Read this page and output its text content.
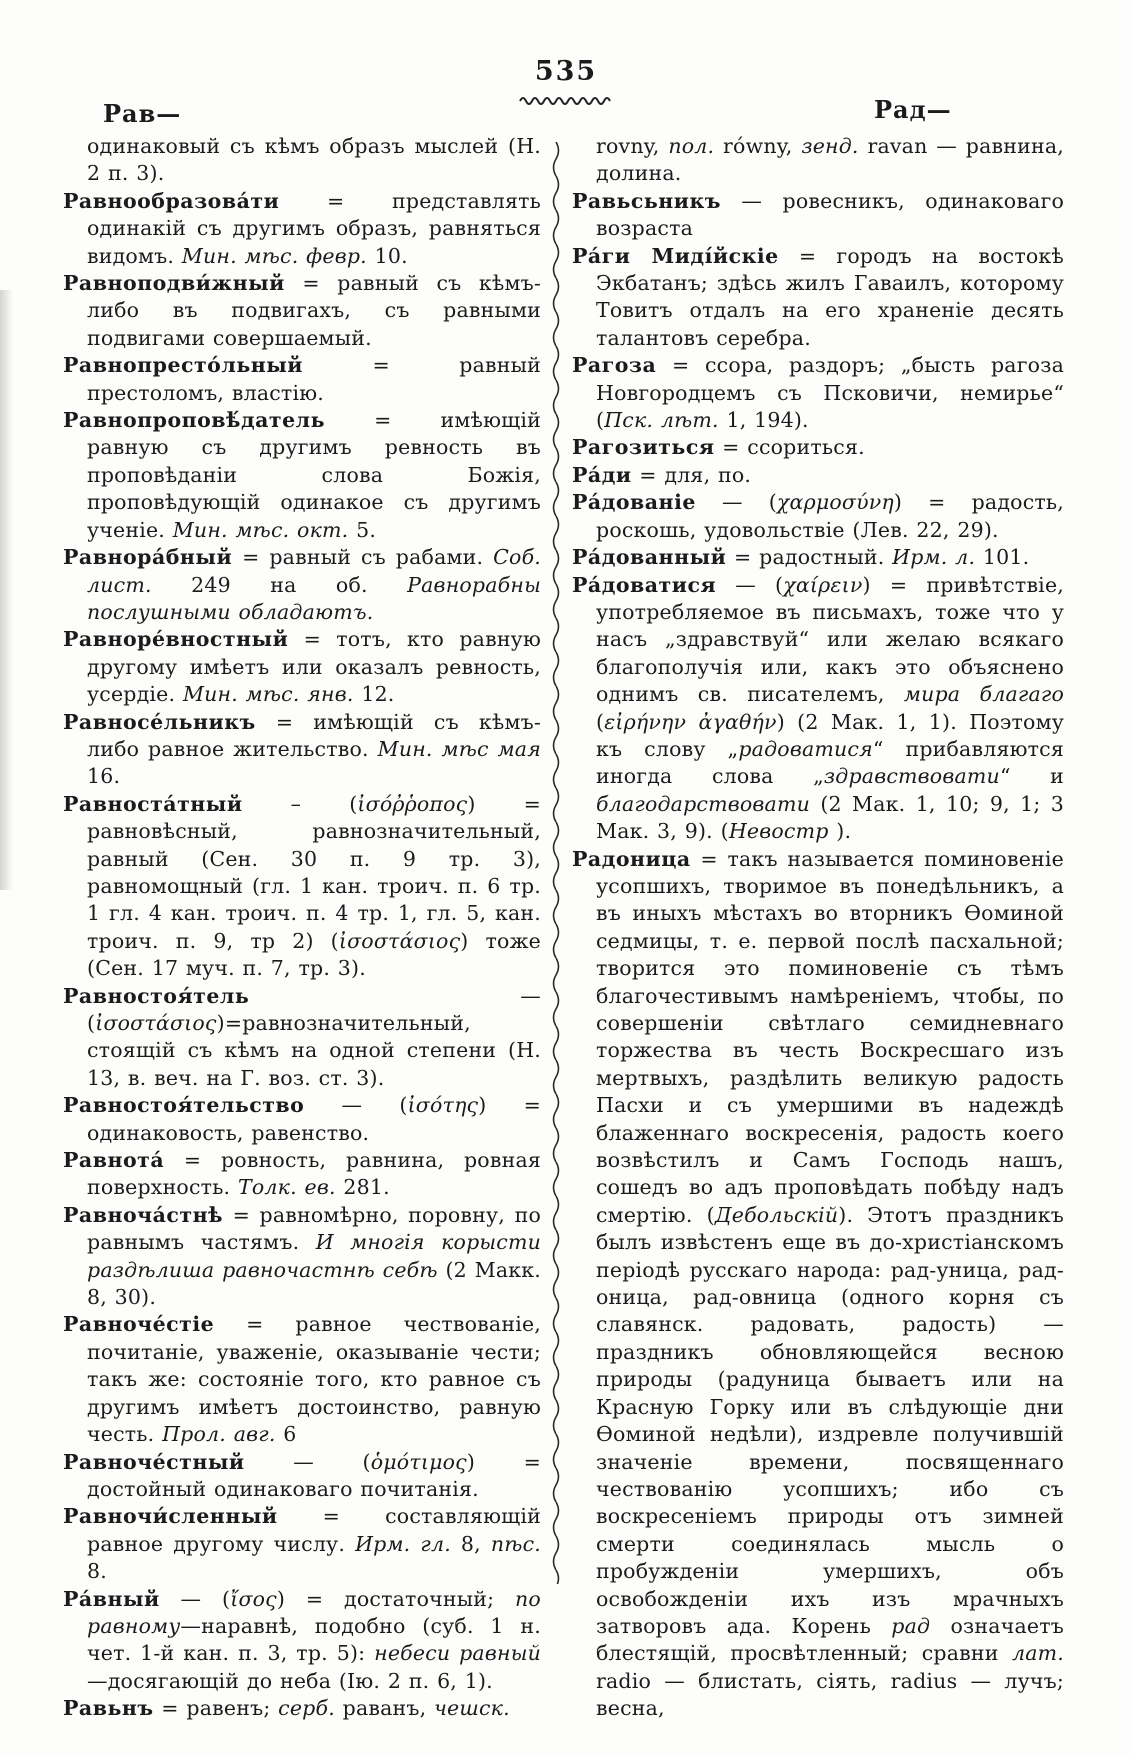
535
Рав—	Рад—

одинаковый съ кѣмъ образъ мыслей (Н. 2 п. 3).

Равнообразова́ти = представлять одинакій съ другимъ образъ, равняться видомъ. Мин. мѣс. февр. 10.

Равноподви́жный = равный съ кѣмъ-либо въ подвигахъ, съ равными подвигами совершаемый.

Равнопресто́льный = равный престоломъ, властію.

Равнопроповѣ́датель = имѣющій равную съ другимъ ревность въ проповѣданіи слова Божія, проповѣдующій одинакое съ другимъ ученіе. Мин. мѣс. окт. 5.

Равнора́бный = равный съ рабами. Соб. лист. 249 на об. Равнорабны послушными обладаютъ.

Равноре́вностный = тотъ, кто равную другому имѣетъ или оказалъ ревность, усердіе. Мин. мѣс. янв. 12.

Равносе́льникъ = имѣющій съ кѣмъ-либо равное жительство. Мин. мѣс мая 16.

Равноста́тный – (ἰσόῤῥοπος) = равновѣсный, равнозначительный, равный (Сен. 30 п. 9 тр. 3), равномощный (гл. 1 кан. троич. п. 6 тр. 1 гл. 4 кан. троич. п. 4 тр. 1, гл. 5, кан. троич. п. 9, тр 2) (ἰσοστάσιος) тоже (Сен. 17 муч. п. 7, тр. 3).

Равностоя́тель — (ἰσοστάσιος)=равнозначительный, стоящій съ кѣмъ на одной степени (Н. 13, в. веч. на Г. воз. ст. 3).

Равностоя́тельство — (ἰσότης) = одинаковость, равенство.

Равнота́ = ровность, равнина, ровная поверхность. Толк. ев. 281.

Равноча́стнѣ = равномѣрно, поровну, по равнымъ частямъ. И многія корысти раздѣлиша равночастнѣ себѣ (2 Макк. 8, 30).

Равноче́стіе = равное чествованіе, почитаніе, уваженіе, оказываніе чести; такъ же: состояніе того, кто равное съ другимъ имѣетъ достоинство, равную честь. Прол. авг. 6

Равноче́стный — (ὁμότιμος) = достойный одинаковаго почитанія.

Равночи́сленный = составляющій равное другому числу. Ирм. гл. 8, пѣс. 8.

Ра́вный — (ἴσος) = достаточный; по равному—наравнѣ, подобно (суб. 1 н. чет. 1-й кан. п. 3, тр. 5): небеси равный—досягающій до неба (Ію. 2 п. 6, 1).

Равьнъ = равенъ; серб. раванъ, чешск.

rovny, пол. równy, зенд. ravan — равнина, долина.

Равьсьникъ — ровесникъ, одинаковаго возраста

Ра́ги Миді́йскіе = городъ на востокѣ Экбатанъ; здѣсь жилъ Гаваилъ, которому Товитъ отдалъ на его храненіе десять талантовъ серебра.

Рагоза = ссора, раздоръ; „бысть рагоза Новгородцемъ съ Псковичи, немирье“ (Пск. лѣт. 1, 194).

Рагозиться = ссориться.

Ра́ди = для, по.

Ра́дованіе — (χαρμοσύνη) = радость, роскошь, удовольствіе (Лев. 22, 29).

Ра́дованный = радостный. Ирм. л. 101.

Ра́доватися — (χαίρειν) = привѣтствіе, употребляемое въ письмахъ, тоже что у насъ „здравствуй“ или желаю всякаго благополучія или, какъ это объяснено однимъ св. писателемъ, мира благаго (εἰρήνην ἀγαθήν) (2 Мак. 1, 1). Поэтому къ слову „радоватися“ прибавляются иногда слова „здравствовати“ и благодарствовати (2 Мак. 1, 10; 9, 1; 3 Мак. 3, 9). (Невостр ).

Радоница = такъ называется поминовеніе усопшихъ, творимое въ понедѣльникъ, а въ иныхъ мѣстахъ во вторникъ Ѳоминой седмицы, т. е. первой послѣ пасхальной; творится это поминовеніе съ тѣмъ благочестивымъ намѣреніемъ, чтобы, по совершеніи свѣтлаго семидневнаго торжества въ честь Воскресшаго изъ мертвыхъ, раздѣлить великую радость Пасхи и съ умершими въ надеждѣ блаженнаго воскресенія, радость коего возвѣстилъ и Самъ Господь нашъ, сошедъ во адъ проповѣдать побѣду надъ смертію. (Дебольскій). Этотъ праздникъ былъ извѣстенъ еще въ до-христіанскомъ періодѣ русскаго народа: рад-уница, рад-оница, рад-овница (одного корня съ славянск. радовать, радость) — праздникъ обновляющейся весною природы (радуница бываетъ или на Красную Горку или въ слѣдующіе дни Ѳоминой недѣли), издревле получившій значеніе времени, посвященнаго чествованію усопшихъ; ибо съ воскресеніемъ природы отъ зимней смерти соединялась мысль о пробужденіи умершихъ, объ освобожденіи ихъ изъ мрачныхъ затворовъ ада. Корень рад означаетъ блестящій, просвѣтленный; сравни лат. radio — блистать, сіять, radius — лучъ; весна,
